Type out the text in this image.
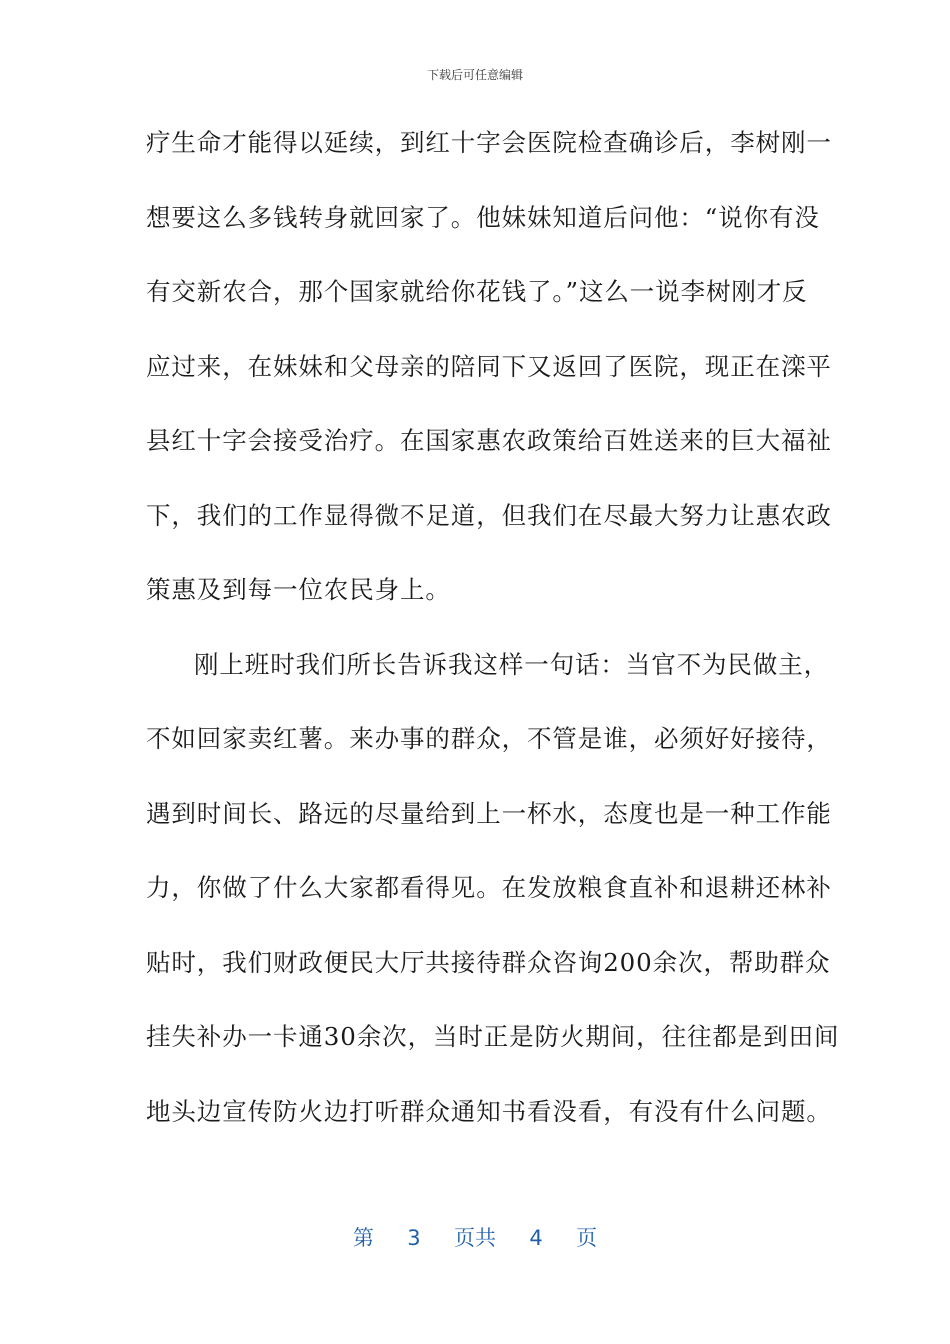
下载后可任意编辑
疗生命才能得以延续，到红十字会医院检查确诊后，李树刚一
想要这么多钱转身就回家了。他妹妹知道后问他：“说你有没
有交新农合，那个国家就给你花钱了。”这么一说李树刚才反
应过来，在妹妹和父母亲的陪同下又返回了医院，现正在滦平
县红十字会接受治疗。在国家惠农政策给百姓送来的巨大福祉
下，我们的工作显得微不足道，但我们在尽最大努力让惠农政
策惠及到每一位农民身上。
刚上班时我们所长告诉我这样一句话：当官不为民做主，
不如回家卖红薯。来办事的群众，不管是谁，必须好好接待，
遇到时间长、路远的尽量给到上一杯水，态度也是一种工作能
力，你做了什么大家都看得见。在发放粮食直补和退耕还林补
贴时，我们财政便民大厅共接待群众咨询200余次，帮助群众
挂失补办一卡通30余次，当时正是防火期间，往往都是到田间
地头边宣传防火边打听群众通知书看没看，有没有什么问题。
第 3 页共 4 页
